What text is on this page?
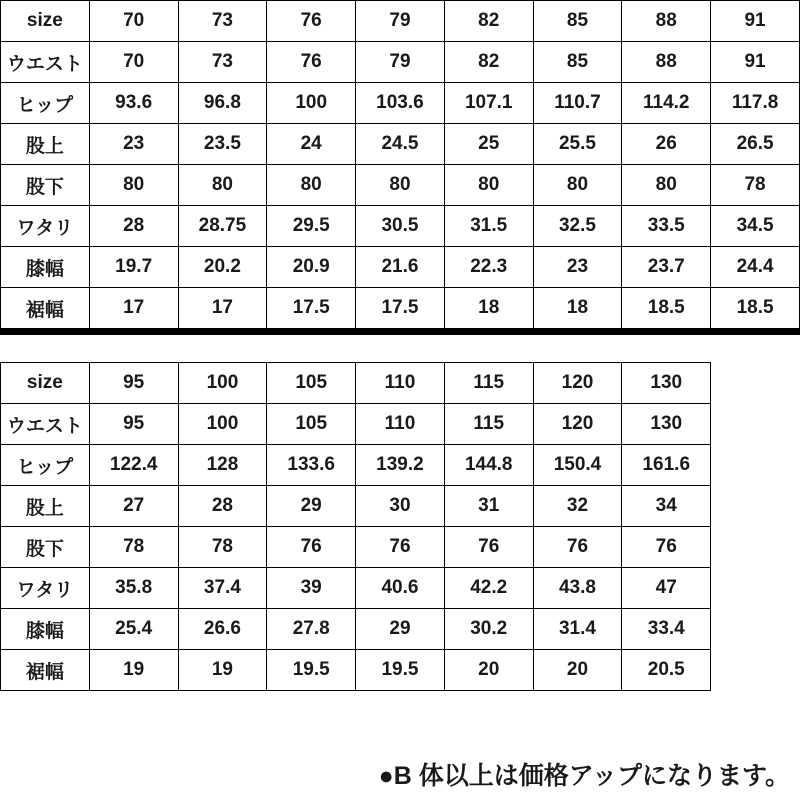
size	70	73	76	79	82	85	88	91
ウエスト	70	73	76	79	82	85	88	91
ヒップ	93.6	96.8	100	103.6	107.1	110.7	114.2	117.8
股上	23	23.5	24	24.5	25	25.5	26	26.5
股下	80	80	80	80	80	80	80	78
ワタリ	28	28.75	29.5	30.5	31.5	32.5	33.5	34.5
膝幅	19.7	20.2	20.9	21.6	22.3	23	23.7	24.4
裾幅	17	17	17.5	17.5	18	18	18.5	18.5
size	95	100	105	110	115	120	130	
ウエスト	95	100	105	110	115	120	130	
ヒップ	122.4	128	133.6	139.2	144.8	150.4	161.6	
股上	27	28	29	30	31	32	34	
股下	78	78	76	76	76	76	76	
ワタリ	35.8	37.4	39	40.6	42.2	43.8	47	
膝幅	25.4	26.6	27.8	29	30.2	31.4	33.4	
裾幅	19	19	19.5	19.5	20	20	20.5	
●B 体以上は価格アップになります。
